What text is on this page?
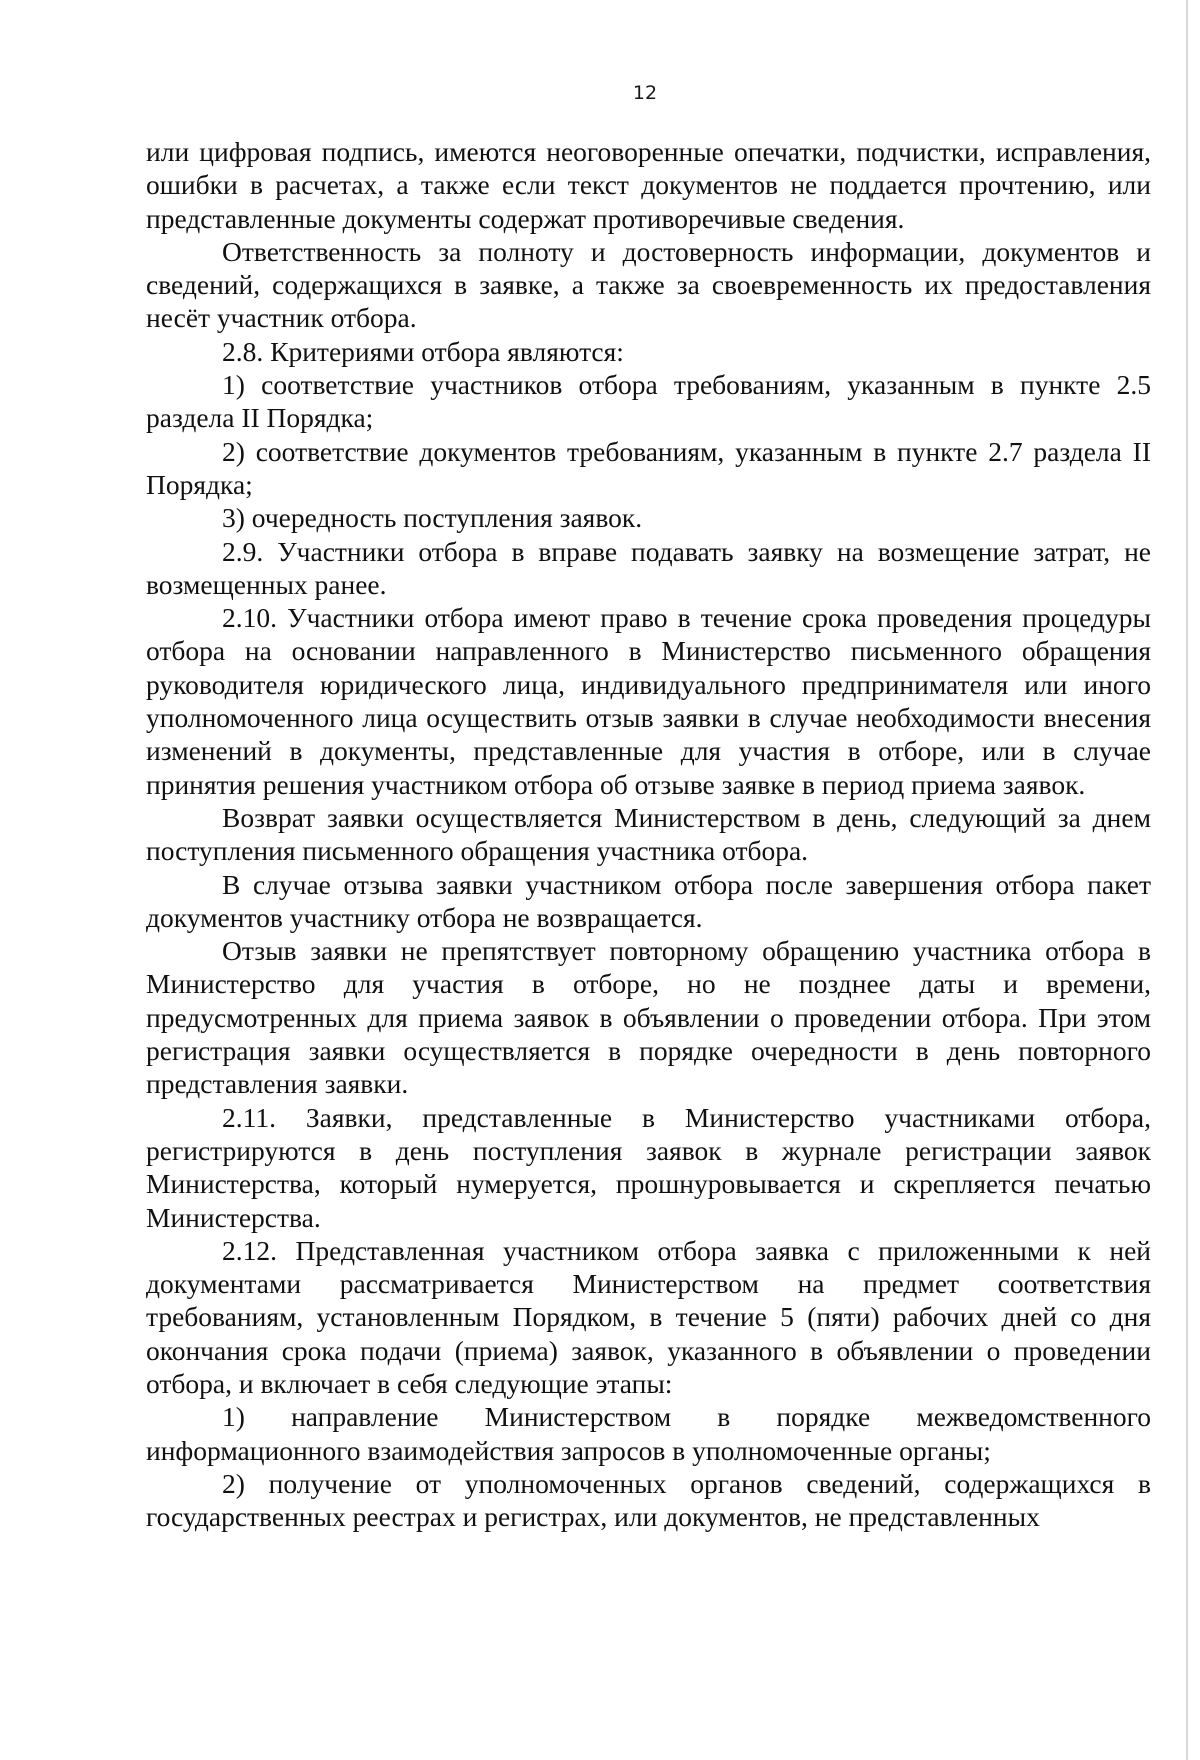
12

или цифровая подпись, имеются неоговоренные опечатки, подчистки, исправления, ошибки в расчетах, а также если текст документов не поддается прочтению, или представленные документы содержат противоречивые сведения.

Ответственность за полноту и достоверность информации, документов и сведений, содержащихся в заявке, а также за своевременность их предоставления несёт участник отбора.

2.8. Критериями отбора являются:

1) соответствие участников отбора требованиям, указанным в пункте 2.5 раздела II Порядка;

2) соответствие документов требованиям, указанным в пункте 2.7 раздела II Порядка;

3) очередность поступления заявок.

2.9. Участники отбора в вправе подавать заявку на возмещение затрат, не возмещенных ранее.

2.10. Участники отбора имеют право в течение срока проведения процедуры отбора на основании направленного в Министерство письменного обращения руководителя юридического лица, индивидуального предпринимателя или иного уполномоченного лица осуществить отзыв заявки в случае необходимости внесения изменений в документы, представленные для участия в отборе, или в случае принятия решения участником отбора об отзыве заявке в период приема заявок.

Возврат заявки осуществляется Министерством в день, следующий за днем поступления письменного обращения участника отбора.

В случае отзыва заявки участником отбора после завершения отбора пакет документов участнику отбора не возвращается.

Отзыв заявки не препятствует повторному обращению участника отбора в Министерство для участия в отборе, но не позднее даты и времени, предусмотренных для приема заявок в объявлении о проведении отбора. При этом регистрация заявки осуществляется в порядке очередности в день повторного представления заявки.

2.11. Заявки, представленные в Министерство участниками отбора, регистрируются в день поступления заявок в журнале регистрации заявок Министерства, который нумеруется, прошнуровывается и скрепляется печатью Министерства.

2.12. Представленная участником отбора заявка с приложенными к ней документами рассматривается Министерством на предмет соответствия требованиям, установленным Порядком, в течение 5 (пяти) рабочих дней со дня окончания срока подачи (приема) заявок, указанного в объявлении о проведении отбора, и включает в себя следующие этапы:

1) направление Министерством в порядке межведомственного информационного взаимодействия запросов в уполномоченные органы;

2) получение от уполномоченных органов сведений, содержащихся в государственных реестрах и регистрах, или документов, не представленных
